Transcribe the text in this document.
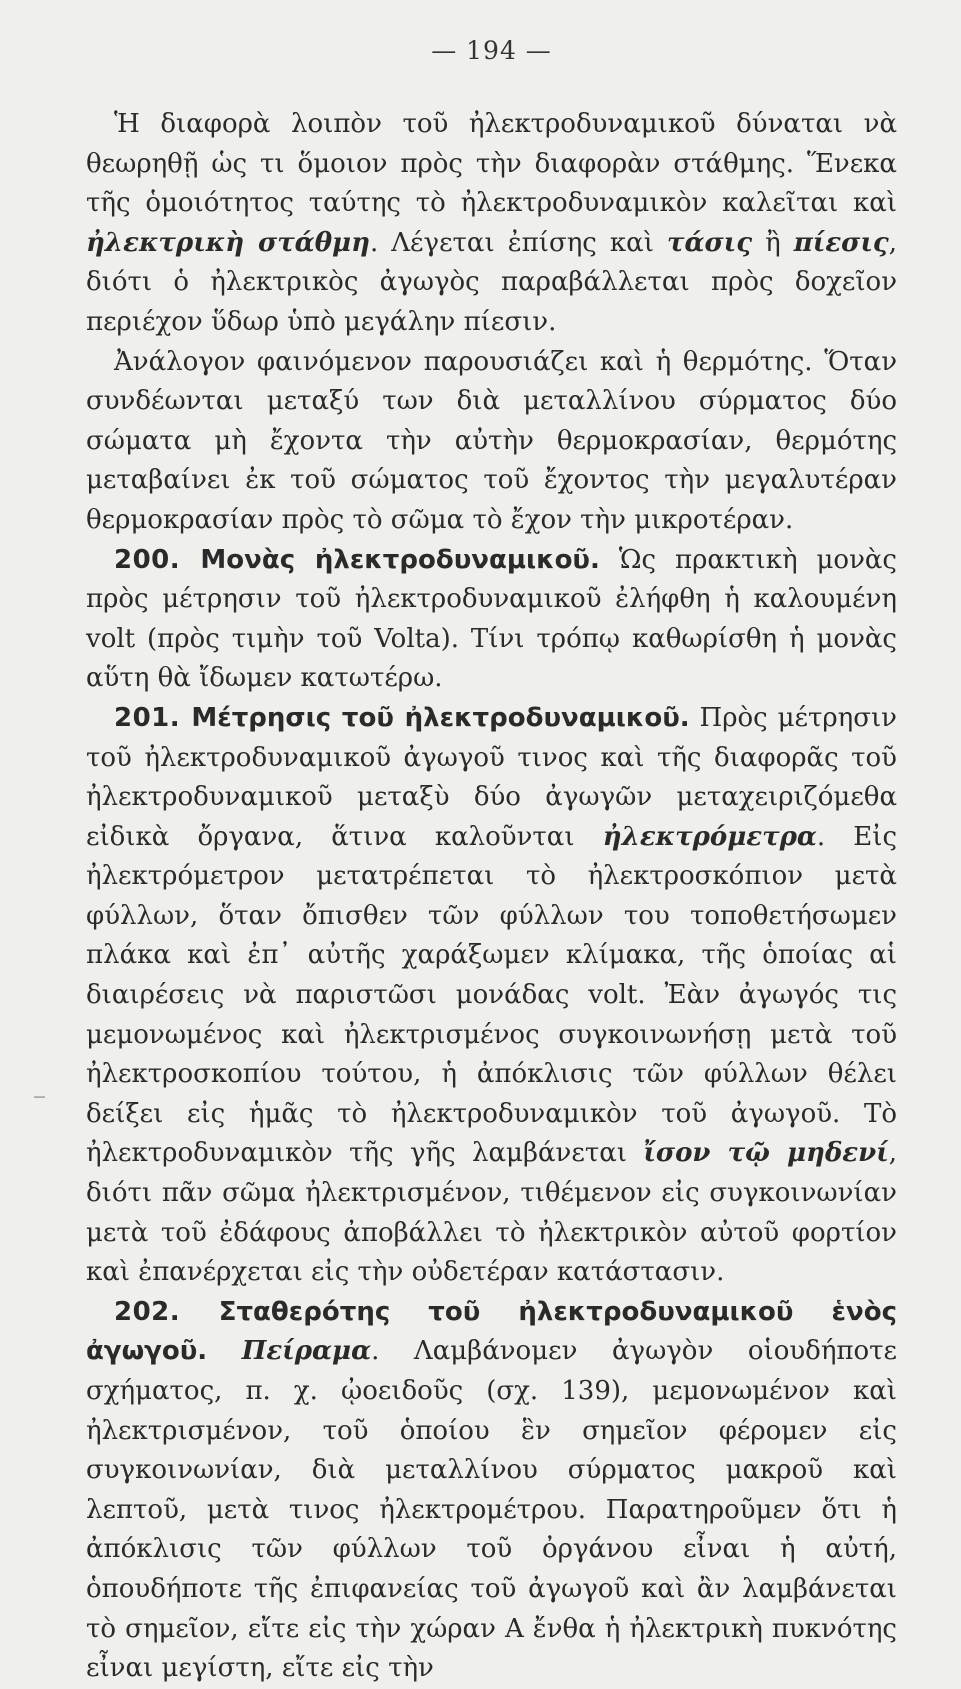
— 194 —

Ἡ διαφορὰ λοιπὸν τοῦ ἠλεκτροδυναμικοῦ δύναται νὰ θεωρηθῇ ὡς τι ὅμοιον πρὸς τὴν διαφορὰν στάθμης. Ἕνεκα τῆς ὁμοιότητος ταύτης τὸ ἠλεκτροδυναμικὸν καλεῖται καὶ ἠλεκτρικὴ στάθμη. Λέγεται ἐπίσης καὶ τάσις ἢ πίεσις, διότι ὁ ἠλεκτρικὸς ἀγωγὸς παραβάλλεται πρὸς δοχεῖον περιέχον ὕδωρ ὑπὸ μεγάλην πίεσιν.

Ἀνάλογον φαινόμενον παρουσιάζει καὶ ἡ θερμότης. Ὅταν συνδέωνται μεταξύ των διὰ μεταλλίνου σύρματος δύο σώματα μὴ ἔχοντα τὴν αὐτὴν θερμοκρασίαν, θερμότης μεταβαίνει ἐκ τοῦ σώματος τοῦ ἔχοντος τὴν μεγαλυτέραν θερμοκρασίαν πρὸς τὸ σῶμα τὸ ἔχον τὴν μικροτέραν.

200. Μονὰς ἠλεκτροδυναμικοῦ. Ὡς πρακτικὴ μονὰς πρὸς μέτρησιν τοῦ ἠλεκτροδυναμικοῦ ἐλήφθη ἡ καλουμένη volt (πρὸς τιμὴν τοῦ Volta). Τίνι τρόπῳ καθωρίσθη ἡ μονὰς αὕτη θὰ ἴδωμεν κατωτέρω.

201. Μέτρησις τοῦ ἠλεκτροδυναμικοῦ. Πρὸς μέτρησιν τοῦ ἠλεκτροδυναμικοῦ ἀγωγοῦ τινος καὶ τῆς διαφορᾶς τοῦ ἠλεκτροδυναμικοῦ μεταξὺ δύο ἀγωγῶν μεταχειριζόμεθα εἰδικὰ ὄργανα, ἅτινα καλοῦνται ἠλεκτρόμετρα. Εἰς ἠλεκτρόμετρον μετατρέπεται τὸ ἠλεκτροσκόπιον μετὰ φύλλων, ὅταν ὄπισθεν τῶν φύλλων του τοποθετήσωμεν πλάκα καὶ ἐπ᾿ αὐτῆς χαράξωμεν κλίμακα, τῆς ὁποίας αἱ διαιρέσεις νὰ παριστῶσι μονάδας volt. Ἐὰν ἀγωγός τις μεμονωμένος καὶ ἠλεκτρισμένος συγκοινωνήσῃ μετὰ τοῦ ἠλεκτροσκοπίου τούτου, ἡ ἀπόκλισις τῶν φύλλων θέλει δείξει εἰς ἡμᾶς τὸ ἠλεκτροδυναμικὸν τοῦ ἀγωγοῦ. Τὸ ἠλεκτροδυναμικὸν τῆς γῆς λαμβάνεται ἴσον τῷ μηδενί, διότι πᾶν σῶμα ἠλεκτρισμένον, τιθέμενον εἰς συγκοινωνίαν μετὰ τοῦ ἐδάφους ἀποβάλλει τὸ ἠλεκτρικὸν αὐτοῦ φορτίον καὶ ἐπανέρχεται εἰς τὴν οὐδετέραν κατάστασιν.

202. Σταθερότης τοῦ ἠλεκτροδυναμικοῦ ἑνὸς ἀγωγοῦ. Πείραμα. Λαμβάνομεν ἀγωγὸν οἱουδήποτε σχήματος, π. χ. ᾠοειδοῦς (σχ. 139), μεμονωμένον καὶ ἠλεκτρισμένον, τοῦ ὁποίου ἓν σημεῖον φέρομεν εἰς συγκοινωνίαν, διὰ μεταλλίνου σύρματος μακροῦ καὶ λεπτοῦ, μετὰ τινος ἠλεκτρομέτρου. Παρατηροῦμεν ὅτι ἡ ἀπόκλισις τῶν φύλλων τοῦ ὀργάνου εἶναι ἡ αὐτή, ὁπουδήποτε τῆς ἐπιφανείας τοῦ ἀγωγοῦ καὶ ἂν λαμβάνεται τὸ σημεῖον, εἴτε εἰς τὴν χώραν Α ἔνθα ἡ ἠλεκτρικὴ πυκνότης εἶναι μεγίστη, εἴτε εἰς τὴν

_
